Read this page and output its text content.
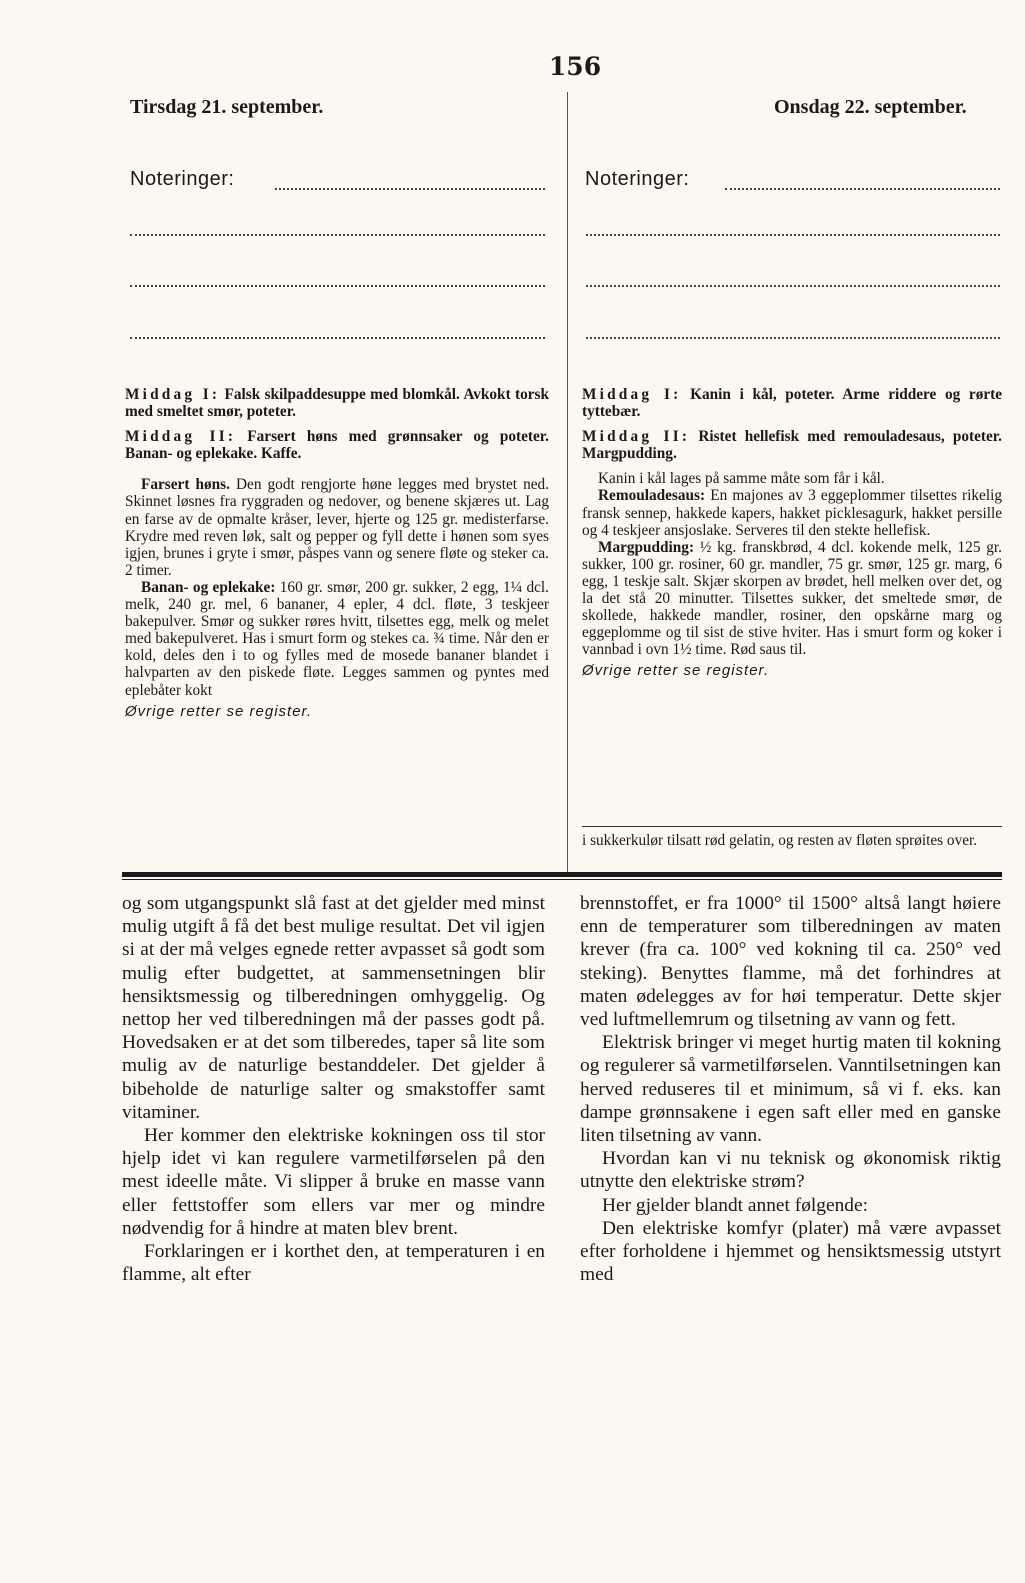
156
Tirsdag 21. september.	Onsdag 22. september.
Noteringer:	Noteringer:

Middag I: Falsk skilpaddesuppe med blomkål. Avkokt torsk med smeltet smør, poteter.

Middag II: Farsert høns med grønnsaker og poteter. Banan- og eplekake. Kaffe.

Farsert høns. Den godt rengjorte høne legges med brystet ned. Skinnet løsnes fra ryggraden og nedover, og benene skjæres ut. Lag en farse av de opmalte kråser, lever, hjerte og 125 gr. medisterfarse. Krydre med reven løk, salt og pepper og fyll dette i hønen som syes igjen, brunes i gryte i smør, påspes vann og senere fløte og steker ca. 2 timer.

Banan- og eplekake: 160 gr. smør, 200 gr. sukker, 2 egg, 1¼ dcl. melk, 240 gr. mel, 6 bananer, 4 epler, 4 dcl. fløte, 3 teskjeer bakepulver. Smør og sukker røres hvitt, tilsettes egg, melk og melet med bakepulveret. Has i smurt form og stekes ca. ¾ time. Når den er kold, deles den i to og fylles med de mosede bananer blandet i halvparten av den piskede fløte. Legges sammen og pyntes med eplebåter kokt

Øvrige retter se register.

Middag I: Kanin i kål, poteter. Arme riddere og rørte tyttebær.

Middag II: Ristet hellefisk med remouladesaus, poteter. Margpudding.

Kanin i kål lages på samme måte som får i kål.

Remouladesaus: En majones av 3 eggeplommer tilsettes rikelig fransk sennep, hakkede kapers, hakket picklesagurk, hakket persille og 4 teskjeer ansjoslake. Serveres til den stekte hellefisk.

Margpudding: ½ kg. franskbrød, 4 dcl. kokende melk, 125 gr. sukker, 100 gr. rosiner, 60 gr. mandler, 75 gr. smør, 125 gr. marg, 6 egg, 1 teskje salt. Skjær skorpen av brødet, hell melken over det, og la det stå 20 minutter. Tilsettes sukker, det smeltede smør, de skollede, hakkede mandler, rosiner, den opskårne marg og eggeplomme og til sist de stive hviter. Has i smurt form og koker i vannbad i ovn 1½ time. Rød saus til.

Øvrige retter se register.

i sukkerkulør tilsatt rød gelatin, og resten av fløten sprøites over.

og som utgangspunkt slå fast at det gjelder med minst mulig utgift å få det best mulige resultat. Det vil igjen si at der må velges egnede retter avpasset så godt som mulig efter budgettet, at sammensetningen blir hensiktsmessig og tilberedningen omhyggelig. Og nettop her ved tilberedningen må der passes godt på. Hovedsaken er at det som tilberedes, taper så lite som mulig av de naturlige bestanddeler. Det gjelder å bibeholde de naturlige salter og smakstoffer samt vitaminer.

Her kommer den elektriske kokningen oss til stor hjelp idet vi kan regulere varmetilførselen på den mest ideelle måte. Vi slipper å bruke en masse vann eller fettstoffer som ellers var mer og mindre nødvendig for å hindre at maten blev brent.

Forklaringen er i korthet den, at temperaturen i en flamme, alt efter

brennstoffet, er fra 1000° til 1500° altså langt høiere enn de temperaturer som tilberedningen av maten krever (fra ca. 100° ved kokning til ca. 250° ved steking). Benyttes flamme, må det forhindres at maten ødelegges av for høi temperatur. Dette skjer ved luftmellemrum og tilsetning av vann og fett.

Elektrisk bringer vi meget hurtig maten til kokning og regulerer så varmetilførselen. Vanntilsetningen kan herved reduseres til et minimum, så vi f. eks. kan dampe grønnsakene i egen saft eller med en ganske liten tilsetning av vann.

Hvordan kan vi nu teknisk og økonomisk riktig utnytte den elektriske strøm?

Her gjelder blandt annet følgende:

Den elektriske komfyr (plater) må være avpasset efter forholdene i hjemmet og hensiktsmessig utstyrt med
